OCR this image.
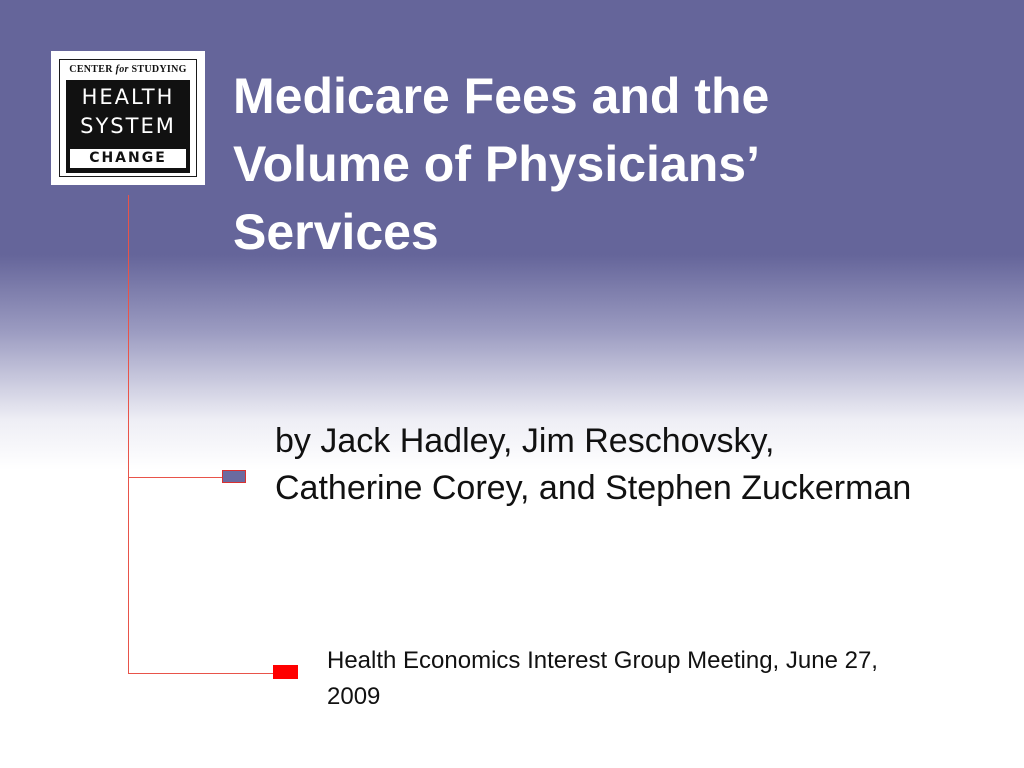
CENTER for STUDYING
HEALTH
SYSTEM
CHANGE
Medicare Fees and the Volume of Physicians’ Services

by Jack Hadley, Jim Reschovsky, Catherine Corey, and Stephen Zuckerman

Health Economics Interest Group Meeting, June 27, 2009
